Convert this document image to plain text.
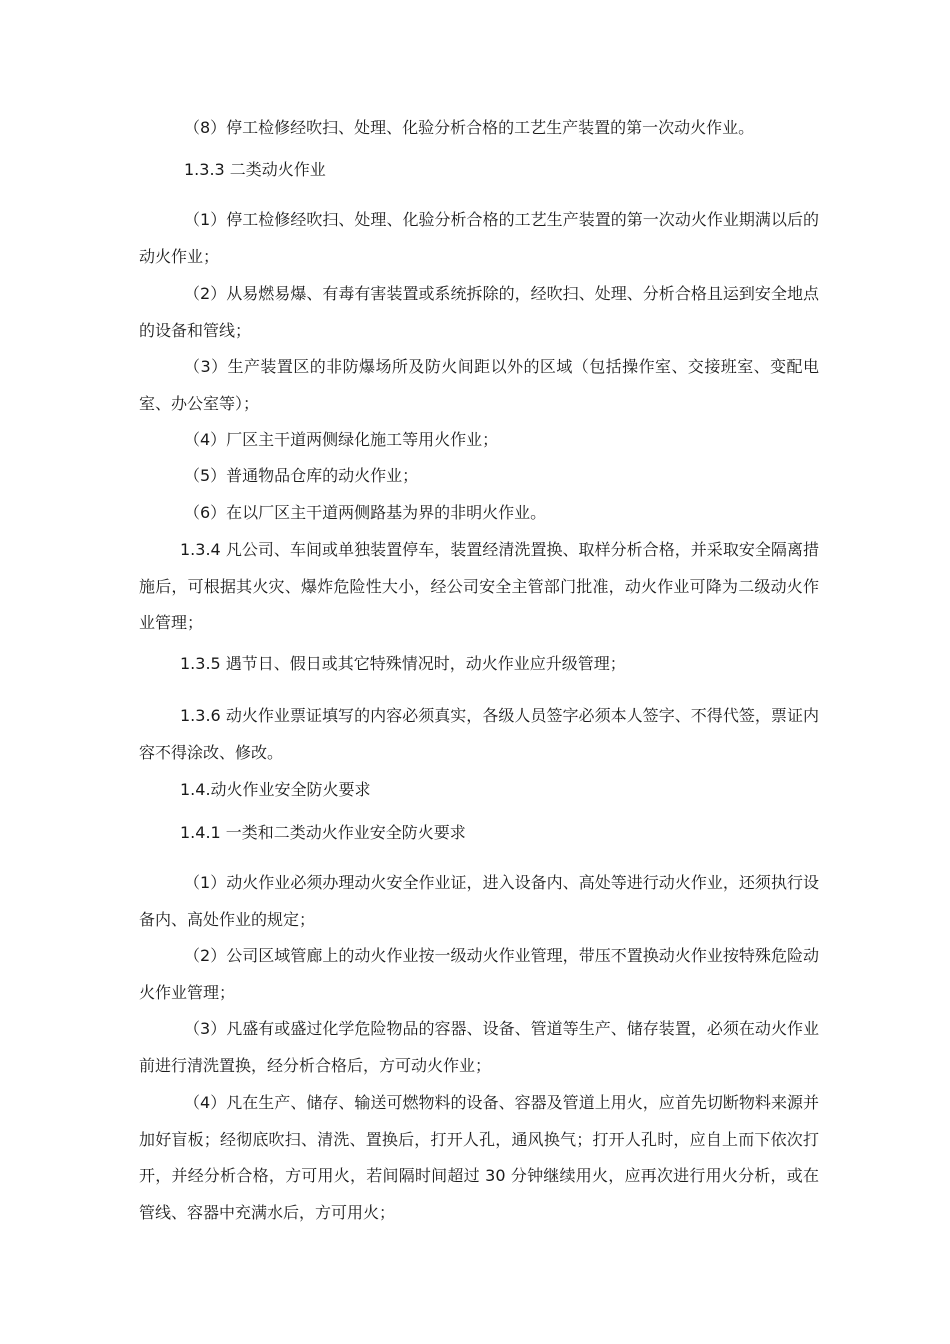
（8）停工检修经吹扫、处理、化验分析合格的工艺生产装置的第一次动火作业。

1.3.3 二类动火作业

（1）停工检修经吹扫、处理、化验分析合格的工艺生产装置的第一次动火作业期满以后的动火作业；

（2）从易燃易爆、有毒有害装置或系统拆除的，经吹扫、处理、分析合格且运到安全地点的设备和管线；

（3）生产装置区的非防爆场所及防火间距以外的区域（包括操作室、交接班室、变配电室、办公室等）；

（4）厂区主干道两侧绿化施工等用火作业；

（5）普通物品仓库的动火作业；

（6）在以厂区主干道两侧路基为界的非明火作业。

1.3.4 凡公司、车间或单独装置停车，装置经清洗置换、取样分析合格，并采取安全隔离措施后，可根据其火灾、爆炸危险性大小，经公司安全主管部门批准，动火作业可降为二级动火作业管理；

1.3.5 遇节日、假日或其它特殊情况时，动火作业应升级管理；

1.3.6 动火作业票证填写的内容必须真实，各级人员签字必须本人签字、不得代签，票证内容不得涂改、修改。

1.4.动火作业安全防火要求

1.4.1 一类和二类动火作业安全防火要求

（1）动火作业必须办理动火安全作业证，进入设备内、高处等进行动火作业，还须执行设备内、高处作业的规定；

（2）公司区域管廊上的动火作业按一级动火作业管理，带压不置换动火作业按特殊危险动火作业管理；

（3）凡盛有或盛过化学危险物品的容器、设备、管道等生产、储存装置，必须在动火作业前进行清洗置换，经分析合格后，方可动火作业；

（4）凡在生产、储存、输送可燃物料的设备、容器及管道上用火，应首先切断物料来源并加好盲板；经彻底吹扫、清洗、置换后，打开人孔，通风换气；打开人孔时，应自上而下依次打开，并经分析合格，方可用火，若间隔时间超过 30 分钟继续用火，应再次进行用火分析，或在管线、容器中充满水后，方可用火；
